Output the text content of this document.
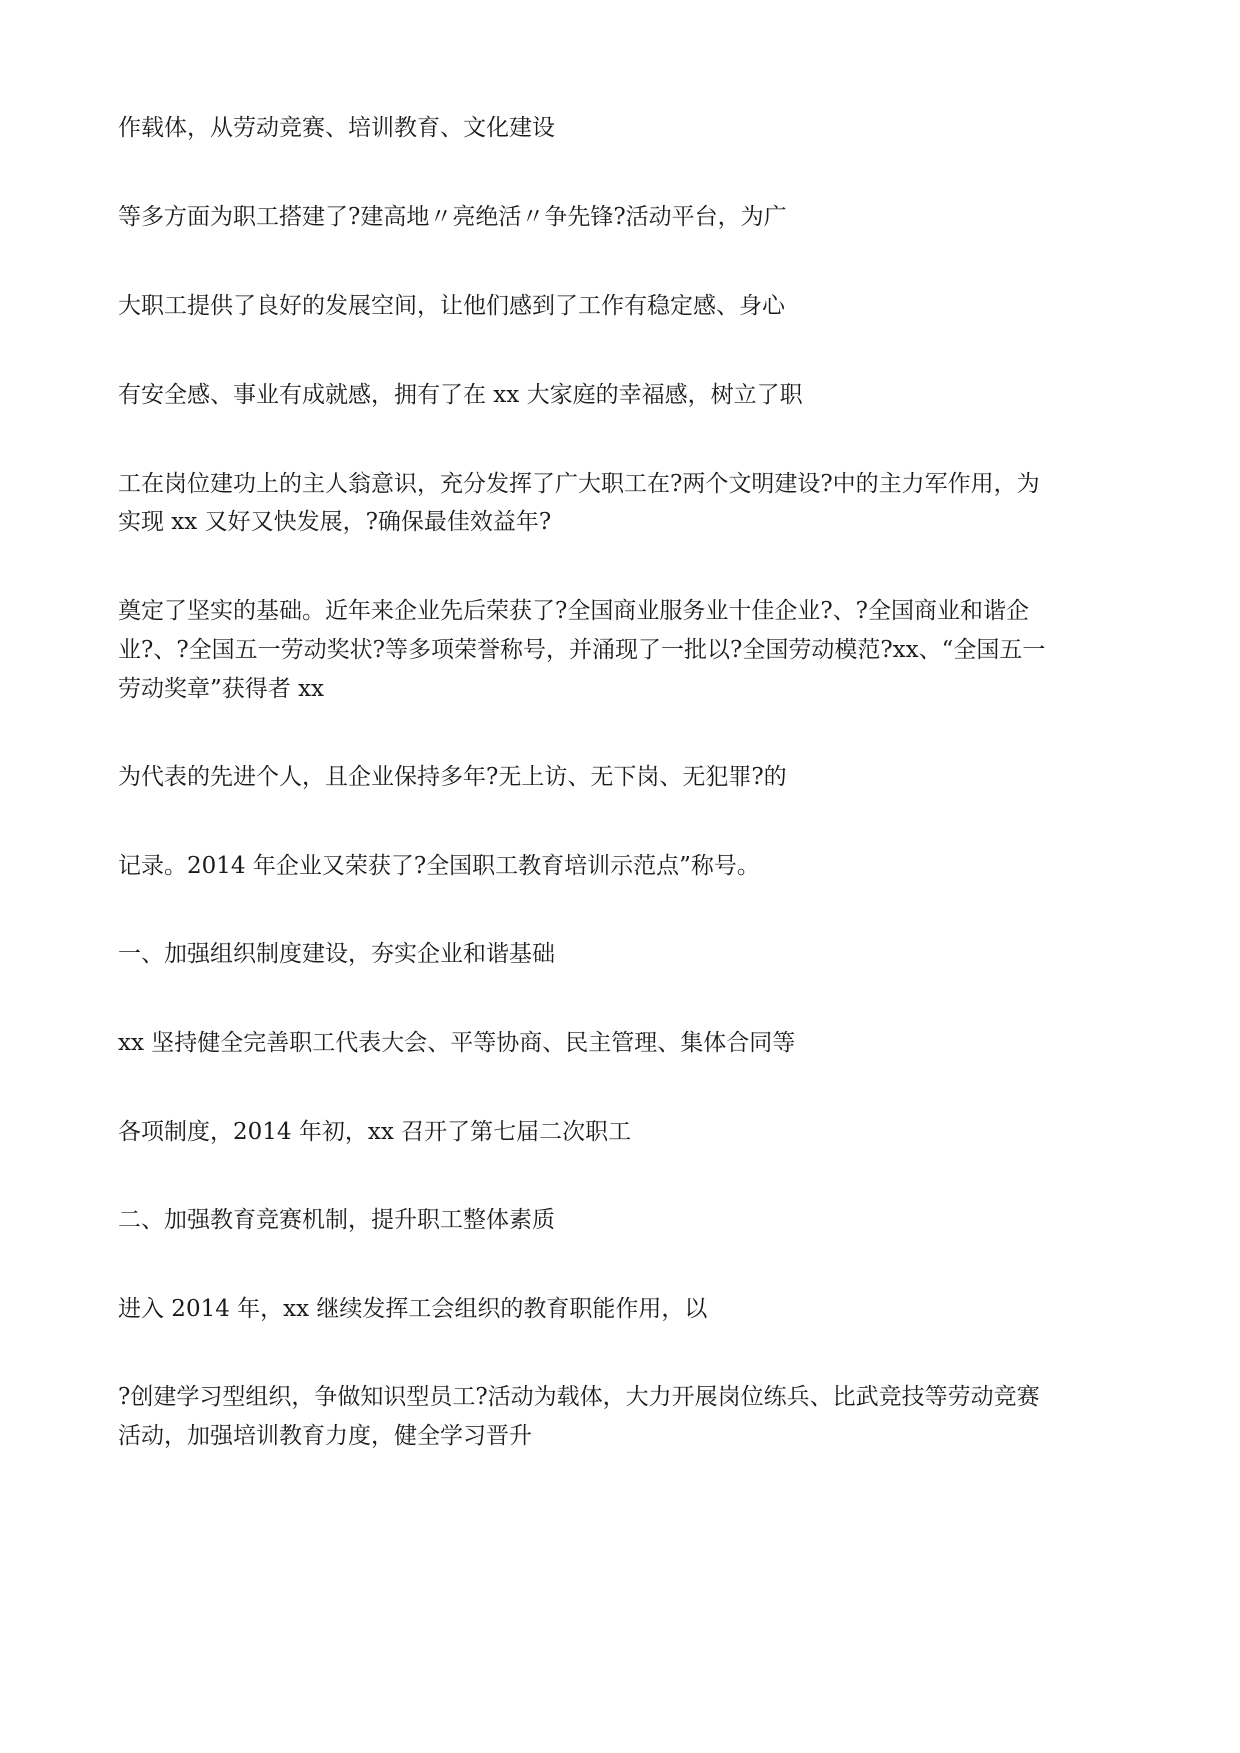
作载体，从劳动竞赛、培训教育、文化建设
等多方面为职工搭建了?建高地〃亮绝活〃争先锋?活动平台，为广
大职工提供了良好的发展空间，让他们感到了工作有稳定感、身心
有安全感、事业有成就感，拥有了在 xx 大家庭的幸福感，树立了职
工在岗位建功上的主人翁意识，充分发挥了广大职工在?两个文明建设?中的主力军作用，为
实现 xx 又好又快发展，?确保最佳效益年?
奠定了坚实的基础。近年来企业先后荣获了?全国商业服务业十佳企业?、?全国商业和谐企
业?、?全国五一劳动奖状?等多项荣誉称号，并涌现了一批以?全国劳动模范?xx、“全国五一
劳动奖章”获得者 xx
为代表的先进个人，且企业保持多年?无上访、无下岗、无犯罪?的
记录。2014 年企业又荣获了?全国职工教育培训示范点”称号。
一、加强组织制度建设，夯实企业和谐基础
xx 坚持健全完善职工代表大会、平等协商、民主管理、集体合同等
各项制度，2014 年初，xx 召开了第七届二次职工
二、加强教育竞赛机制，提升职工整体素质
进入 2014 年，xx 继续发挥工会组织的教育职能作用，以
?创建学习型组织，争做知识型员工?活动为载体，大力开展岗位练兵、比武竞技等劳动竞赛
活动，加强培训教育力度，健全学习晋升
